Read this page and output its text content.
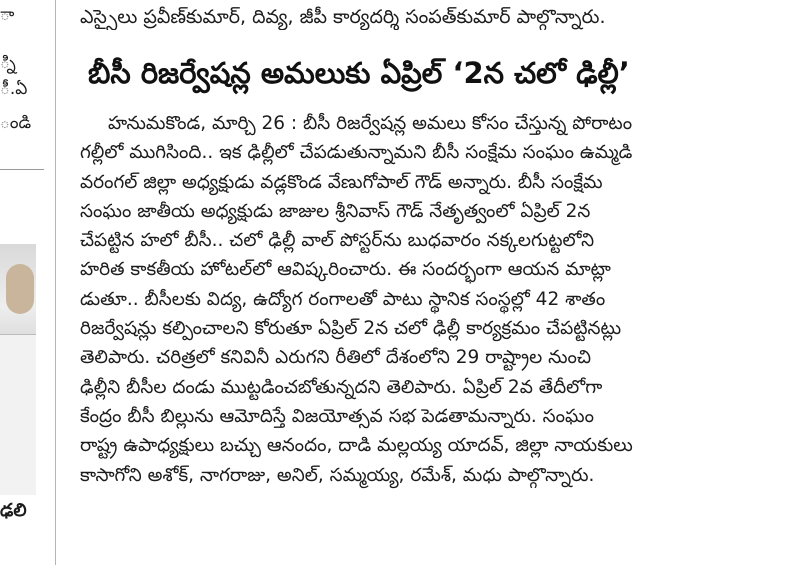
ా
్ని
ీ.ఏ
ండి
ఢలి
ఎస్సైలు ప్రవీణ్‌కుమార్, దివ్య, జీపీ కార్యదర్శి సంపత్‌కుమార్ పాల్గొన్నారు.
బీసీ రిజర్వేషన్ల అమలుకు ఏప్రిల్ ‘2న చలో ఢిల్లీ’
హనుమకొండ, మార్చి 26 : బీసీ రిజర్వేషన్ల అమలు కోసం చేస్తున్న పోరాటం
గల్లీలో ముగిసింది.. ఇక ఢిల్లీలో చేపడుతున్నామని బీసీ సంక్షేమ సంఘం ఉమ్మడి
వరంగల్ జిల్లా అధ్యక్షుడు వడ్లకొండ వేణుగోపాల్ గౌడ్ అన్నారు. బీసీ సంక్షేమ
సంఘం జాతీయ అధ్యక్షుడు జాజుల శ్రీనివాస్ గౌడ్ నేతృత్వంలో ఏప్రిల్ 2న
చేపట్టిన హలో బీసీ.. చలో ఢిల్లీ వాల్ పోస్టర్‌ను బుధవారం నక్కలగుట్టలోని
హరిత కాకతీయ హోటల్‌లో ఆవిష్కరించారు. ఈ సందర్భంగా ఆయన మాట్లా
డుతూ.. బీసీలకు విద్య, ఉద్యోగ రంగాలతో పాటు స్థానిక సంస్థల్లో 42 శాతం
రిజర్వేషన్లు కల్పించాలని కోరుతూ ఏప్రిల్ 2న చలో ఢిల్లీ కార్యక్రమం చేపట్టినట్లు
తెలిపారు. చరిత్రలో కనివినీ ఎరుగని రీతిలో దేశంలోని 29 రాష్ట్రాల నుంచి
ఢిల్లీని బీసీల దండు ముట్టడించబోతున్నదని తెలిపారు. ఏప్రిల్ 2వ తేదీలోగా
కేంద్రం బీసీ బిల్లును ఆమోదిస్తే విజయోత్సవ సభ పెడతామన్నారు. సంఘం
రాష్ట్ర ఉపాధ్యక్షులు బచ్చు ఆనందం, దాడి మల్లయ్య యాదవ్, జిల్లా నాయకులు
కాసాగోని అశోక్, నాగరాజు, అనిల్, సమ్మయ్య, రమేశ్, మధు పాల్గొన్నారు.
